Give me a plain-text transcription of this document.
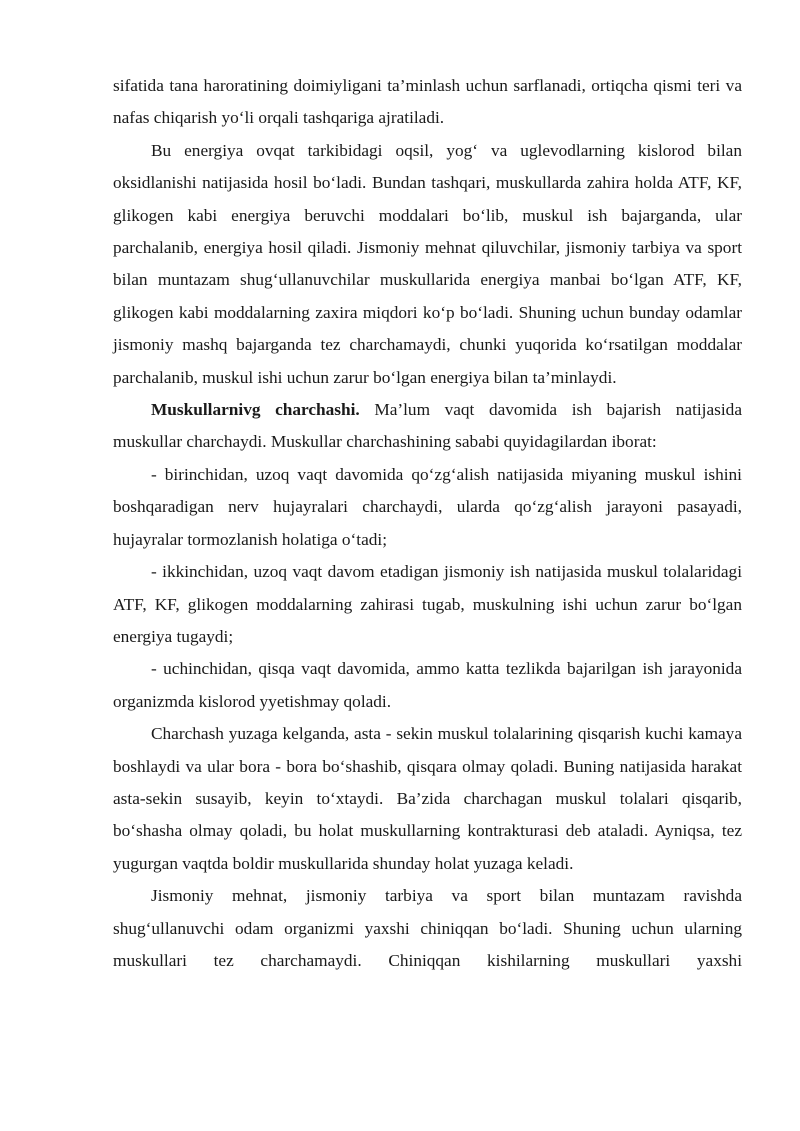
sifatida tana haroratining doimiyligani ta’minlash uchun sarflanadi, ortiqcha qismi teri va nafas chiqarish yo‘li orqali tashqariga ajratiladi.

Bu energiya ovqat tarkibidagi oqsil, yog‘ va uglevodlarning kislorod bilan oksidlanishi natijasida hosil bo‘ladi. Bundan tashqari, muskullarda zahira holda ATF, KF, glikogen kabi energiya beruvchi moddalari bo‘lib, muskul ish bajarganda, ular parchalanib, energiya hosil qiladi. Jismoniy mehnat qiluvchilar, jismoniy tarbiya va sport bilan muntazam shug‘ullanuvchilar muskullarida energiya manbai bo‘lgan ATF, KF, glikogen kabi moddalarning zaxira miqdori ko‘p bo‘ladi. Shuning uchun bunday odamlar jismoniy mashq bajarganda tez charchamaydi, chunki yuqorida ko‘rsatilgan moddalar parchalanib, muskul ishi uchun zarur bo‘lgan energiya bilan ta’minlaydi.

Muskullarnivg charchashi. Ma’lum vaqt davomida ish bajarish natijasida muskullar charchaydi. Muskullar charchashining sababi quyidagilardan iborat:

- birinchidan, uzoq vaqt davomida qo‘zg‘alish natijasida miyaning muskul ishini boshqaradigan nerv hujayralari charchaydi, ularda qo‘zg‘alish jarayoni pasayadi, hujayralar tormozlanish holatiga o‘tadi;

- ikkinchidan, uzoq vaqt davom etadigan jismoniy ish natijasida muskul tolalaridagi ATF, KF, glikogen moddalarning zahirasi tugab, muskulning ishi uchun zarur bo‘lgan energiya tugaydi;

- uchinchidan, qisqa vaqt davomida, ammo katta tezlikda bajarilgan ish jarayonida organizmda kislorod yyetishmay qoladi.

Charchash yuzaga kelganda, asta - sekin muskul tolalarining qisqarish kuchi kamaya boshlaydi va ular bora - bora bo‘shashib, qisqara olmay qoladi. Buning natijasida harakat asta-sekin susayib, keyin to‘xtaydi. Ba’zida charchagan muskul tolalari qisqarib, bo‘shasha olmay qoladi, bu holat muskullarning kontrakturasi deb ataladi. Ayniqsa, tez yugurgan vaqtda boldir muskullarida shunday holat yuzaga keladi.

Jismoniy mehnat, jismoniy tarbiya va sport bilan muntazam ravishda shug‘ullanuvchi odam organizmi yaxshi chiniqqan bo‘ladi. Shuning uchun ularning muskullari tez charchamaydi. Chiniqqan kishilarning muskullari yaxshi
